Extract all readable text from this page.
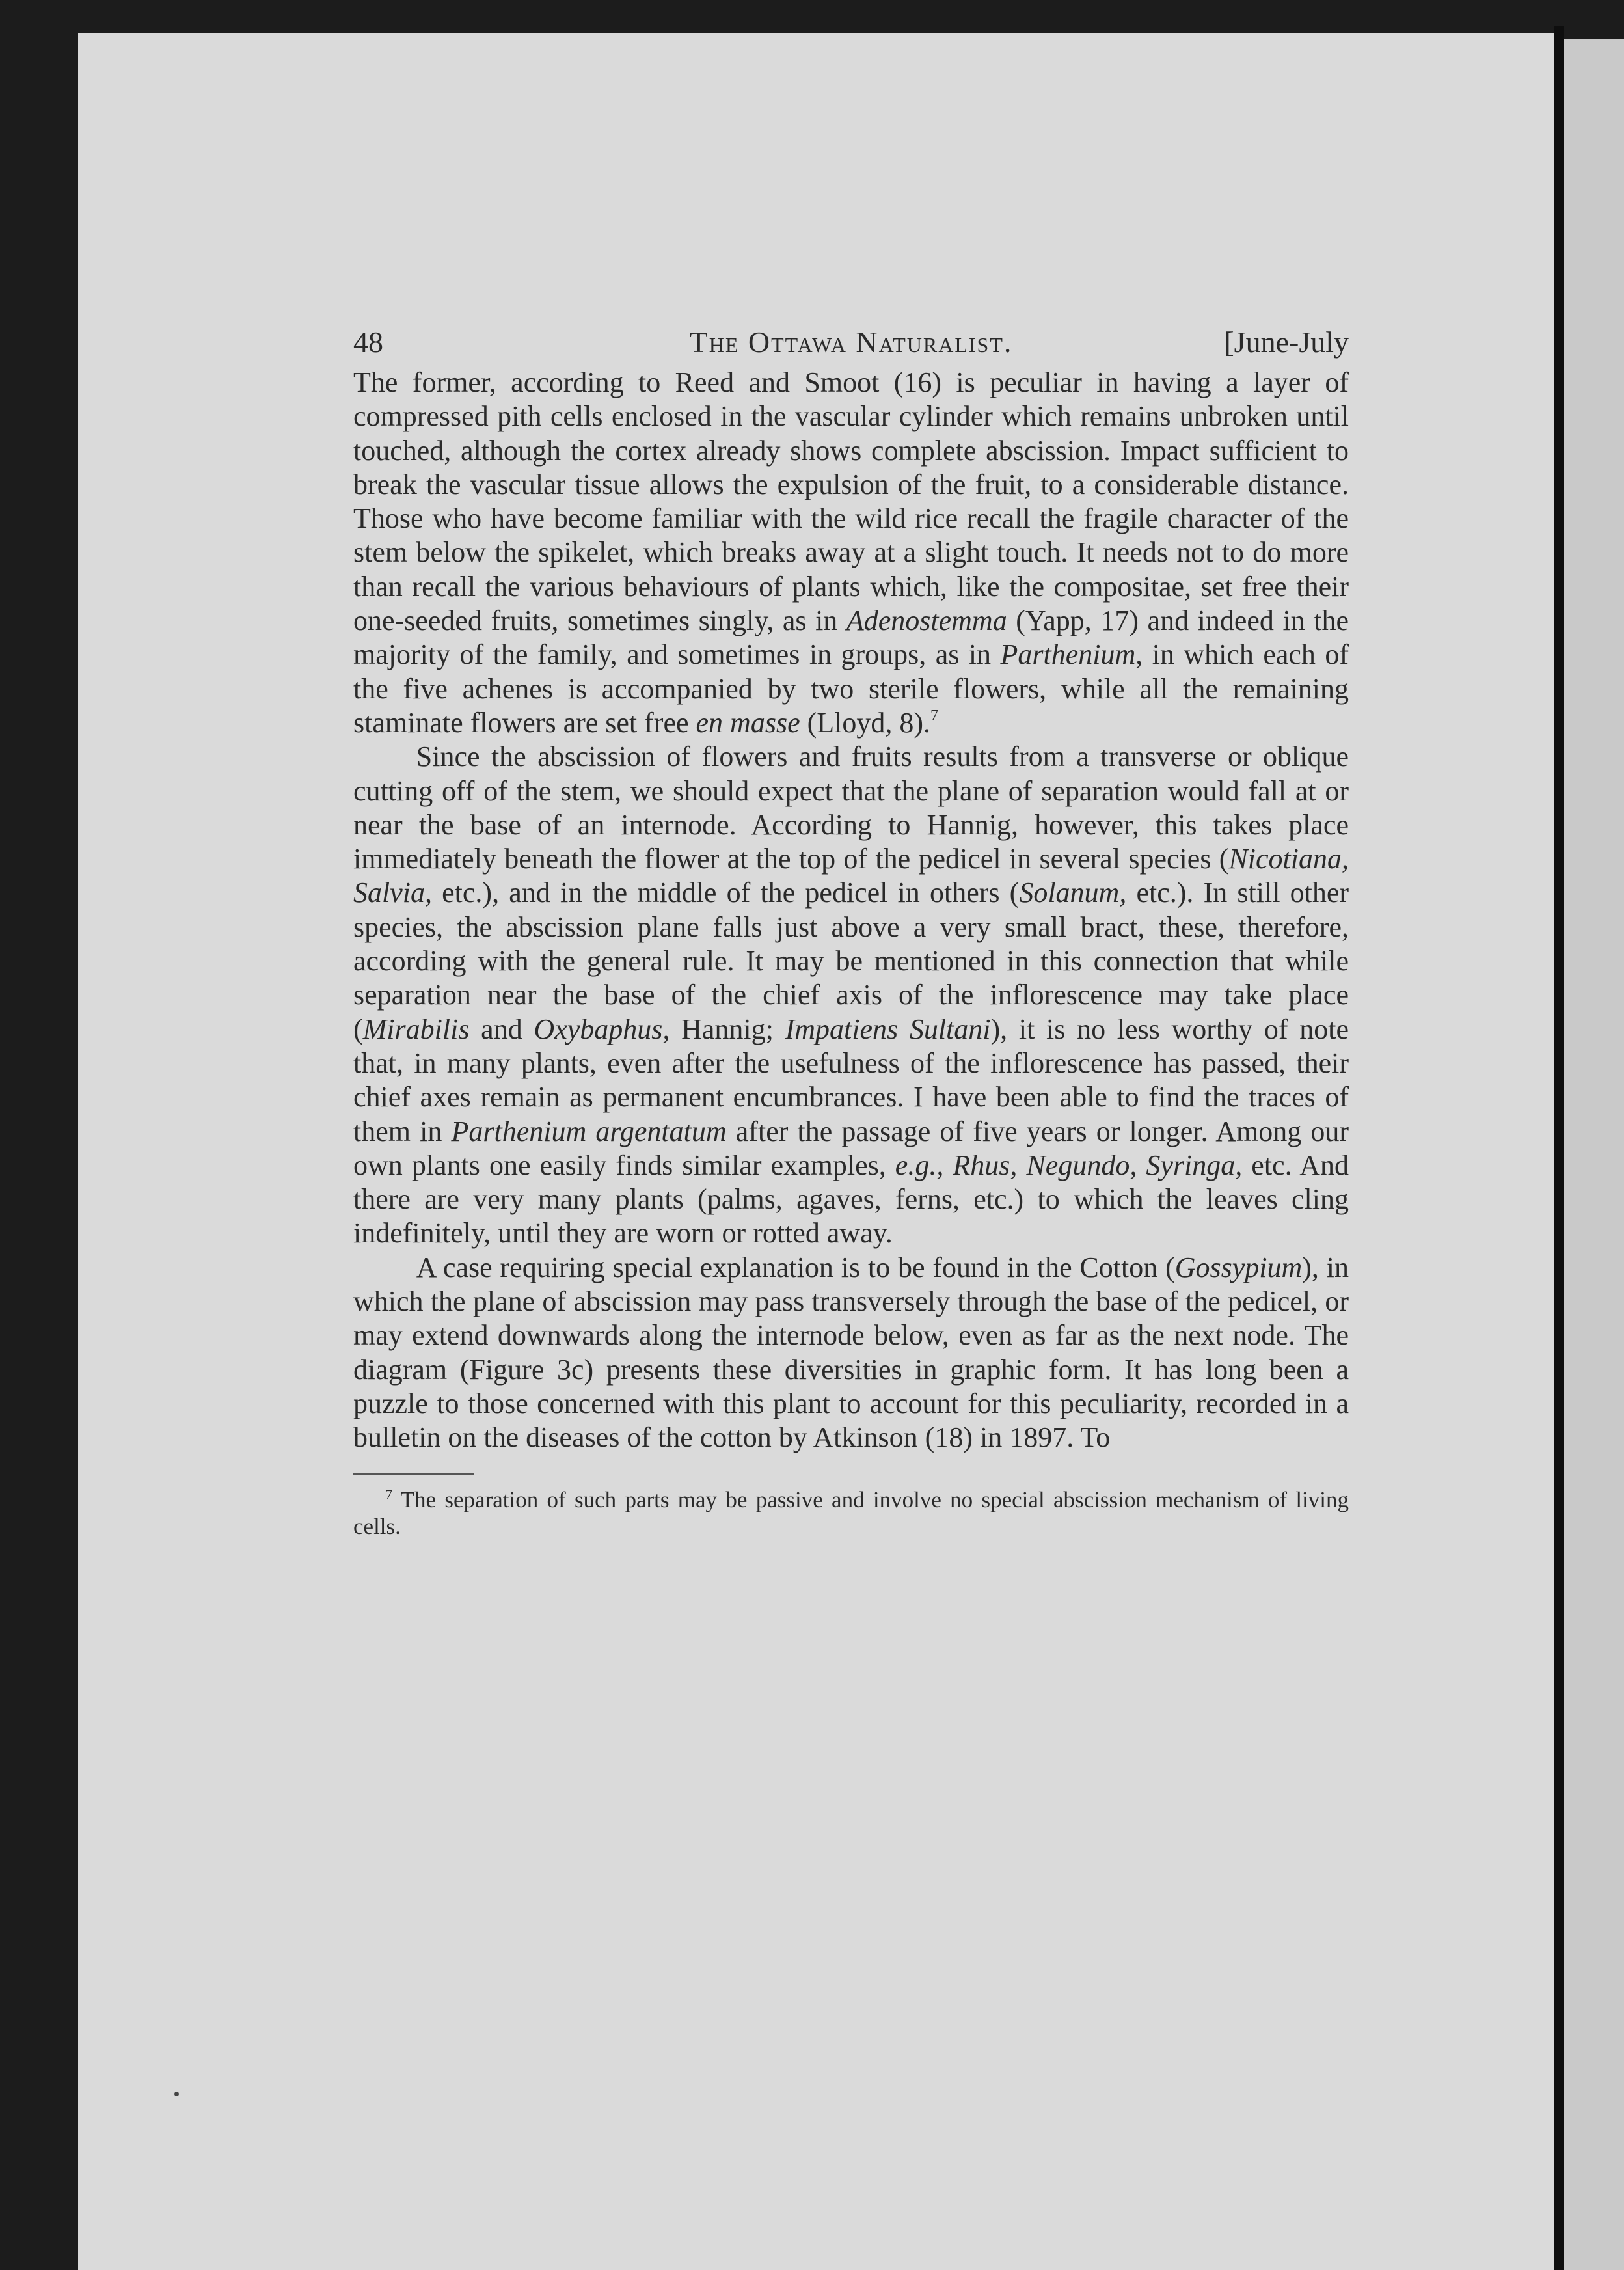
48	The Ottawa Naturalist.	[June-July

The former, according to Reed and Smoot (16) is peculiar in having a layer of compressed pith cells enclosed in the vascular cylinder which remains unbroken until touched, although the cortex already shows complete abscission. Impact sufficient to break the vascular tissue allows the expulsion of the fruit, to a considerable distance. Those who have become familiar with the wild rice recall the fragile character of the stem below the spikelet, which breaks away at a slight touch. It needs not to do more than recall the various behaviours of plants which, like the compositae, set free their one-seeded fruits, sometimes singly, as in Adenostemma (Yapp, 17) and indeed in the majority of the family, and sometimes in groups, as in Parthenium, in which each of the five achenes is accompanied by two sterile flowers, while all the remaining staminate flowers are set free en masse (Lloyd, 8).$^7$

Since the abscission of flowers and fruits results from a transverse or oblique cutting off of the stem, we should expect that the plane of separation would fall at or near the base of an internode. According to Hannig, however, this takes place immediately beneath the flower at the top of the pedicel in several species (Nicotiana, Salvia, etc.), and in the middle of the pedicel in others (Solanum, etc.). In still other species, the abscission plane falls just above a very small bract, these, therefore, according with the general rule. It may be mentioned in this connection that while separation near the base of the chief axis of the inflorescence may take place (Mirabilis and Oxybaphus, Hannig; Impatiens Sultani), it is no less worthy of note that, in many plants, even after the usefulness of the inflorescence has passed, their chief axes remain as permanent encumbrances. I have been able to find the traces of them in Parthenium argentatum after the passage of five years or longer. Among our own plants one easily finds similar examples, e.g., Rhus, Negundo, Syringa, etc. And there are very many plants (palms, agaves, ferns, etc.) to which the leaves cling indefinitely, until they are worn or rotted away.

A case requiring special explanation is to be found in the Cotton (Gossypium), in which the plane of abscission may pass transversely through the base of the pedicel, or may extend downwards along the internode below, even as far as the next node. The diagram (Figure 3c) presents these diversities in graphic form. It has long been a puzzle to those concerned with this plant to account for this peculiarity, recorded in a bulletin on the diseases of the cotton by Atkinson (18) in 1897. To

$^7$ The separation of such parts may be passive and involve no special abscission mechanism of living cells.
